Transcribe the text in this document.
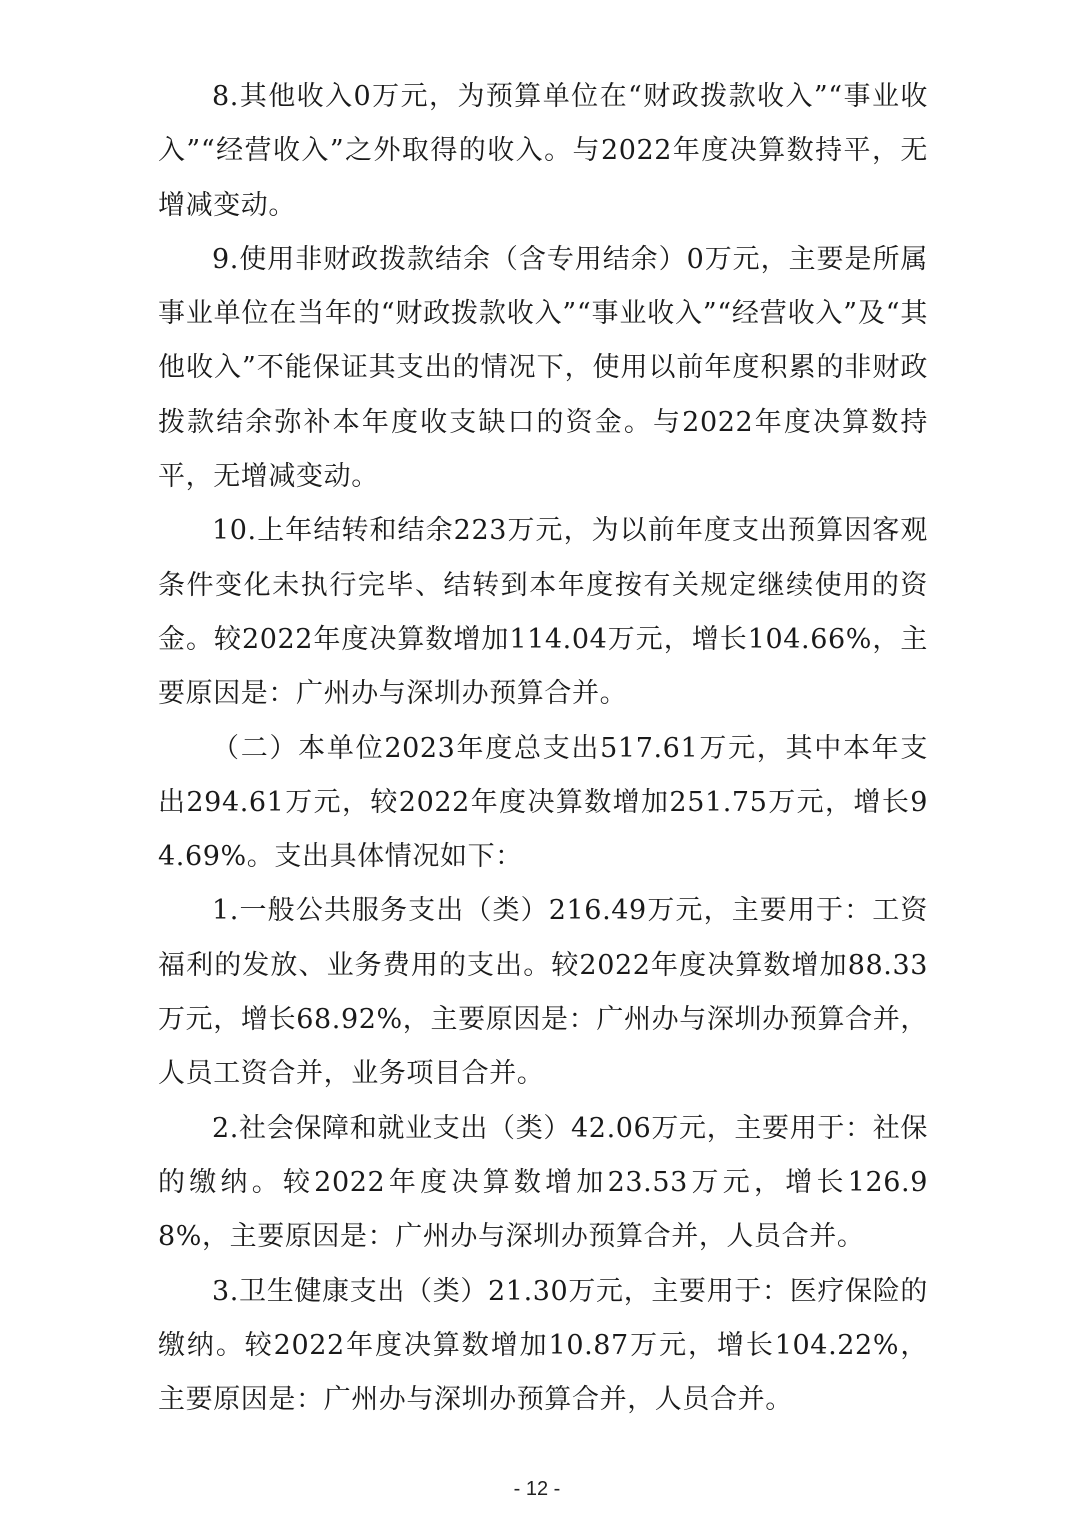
8.其他收入0万元，为预算单位在“财政拨款收入”“事业收入”“经营收入”之外取得的收入。与2022年度决算数持平，无增减变动。

9.使用非财政拨款结余（含专用结余）0万元，主要是所属事业单位在当年的“财政拨款收入”“事业收入”“经营收入”及“其他收入”不能保证其支出的情况下，使用以前年度积累的非财政拨款结余弥补本年度收支缺口的资金。与2022年度决算数持平，无增减变动。

10.上年结转和结余223万元，为以前年度支出预算因客观条件变化未执行完毕、结转到本年度按有关规定继续使用的资金。较2022年度决算数增加114.04万元，增长104.66%，主要原因是：广州办与深圳办预算合并。

（二）本单位2023年度总支出517.61万元，其中本年支出294.61万元，较2022年度决算数增加251.75万元，增长94.69%。支出具体情况如下：

1.一般公共服务支出（类）216.49万元，主要用于：工资福利的发放、业务费用的支出。较2022年度决算数增加88.33万元，增长68.92%，主要原因是：广州办与深圳办预算合并，人员工资合并，业务项目合并。

2.社会保障和就业支出（类）42.06万元，主要用于：社保的缴纳。较2022年度决算数增加23.53万元，增长126.98%，主要原因是：广州办与深圳办预算合并，人员合并。

3.卫生健康支出（类）21.30万元，主要用于：医疗保险的缴纳。较2022年度决算数增加10.87万元，增长104.22%，主要原因是：广州办与深圳办预算合并，人员合并。

- 12 -
